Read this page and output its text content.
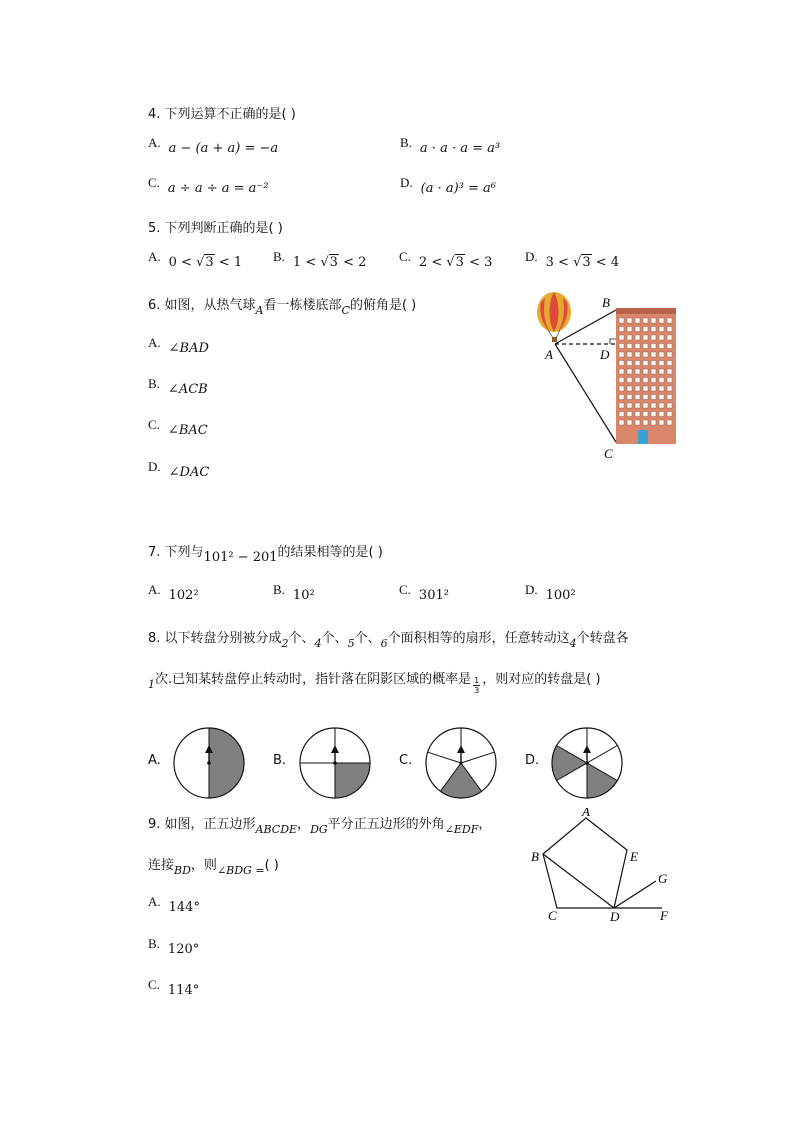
4. 下列运算不正确的是( )
A. a − (a + a) = −a	B. a · a · a = a³
C. a ÷ a ÷ a = a⁻²	D. (a · a)³ = a⁶
5. 下列判断正确的是( )
A. 0 < √3 < 1 B. 1 < √3 < 2	C. 2 < √3 < 3	D. 3 < √3 < 4
6. 如图，从热气球$_A$看一栋楼底部$_C$的俯角是( )
A. ∠BAD
B. ∠ACB
C. ∠BAC
D. ∠DAC
A
B
C
D
7. 下列与101² − 201的结果相等的是( )
A. 102²	B. 10²	C. 301²	D. 100²
8. 以下转盘分别被分成$_2$个、$_4$个、$_5$个、$_6$个面积相等的扇形，任意转动这$_4$个转盘各
$_1$次.已知某转盘停止转动时，指针落在阴影区域的概率是 $\frac{1}{3}$ ，则对应的转盘是( )
A.	B.	C.	D.
9. 如图，正五边形$_{ABCDE}$，$_{DG}$平分正五边形的外角$_{\angle EDF}$，
连接$_{BD}$，则$_{\angle BDG =}$( )
A. 144°
B. 120°
C. 114°
A
B
C	D
E
F
G
